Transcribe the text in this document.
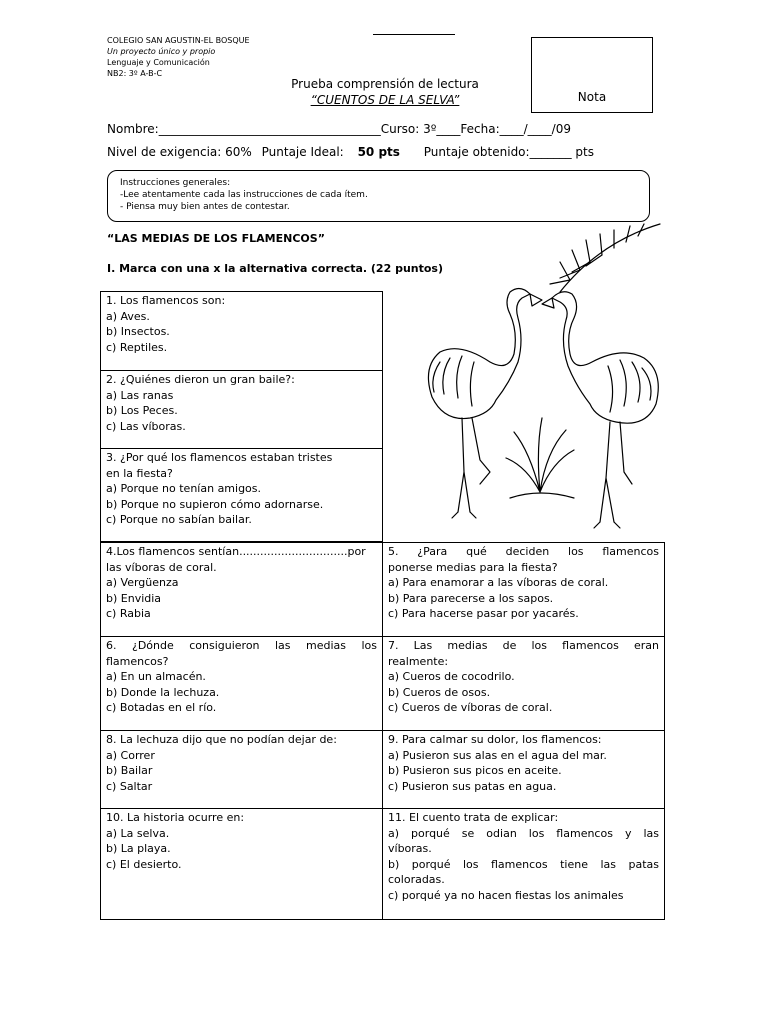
COLEGIO SAN AGUSTIN-EL BOSQUE
Un proyecto único y propio
Lenguaje y Comunicación
NB2: 3º A-B-C
Prueba comprensión de lectura
“CUENTOS DE LA SELVA”	Nota
Nombre:_____________________________________Curso: 3º____Fecha:____/____/09
Nivel de exigencia: 60% Puntaje Ideal: 50 pts Puntaje obtenido:_______ pts
Instrucciones generales:
-Lee atentamente cada las instrucciones de cada ítem.
- Piensa muy bien antes de contestar.
“LAS MEDIAS DE LOS FLAMENCOS”
I. Marca con una x la alternativa correcta. (22 puntos)
1. Los flamencos son:
a) Aves.
b) Insectos.
c) Reptiles.
2. ¿Quiénes dieron un gran baile?:
a) Las ranas
b) Los Peces.
c) Las víboras.
3. ¿Por qué los flamencos estaban tristes
en la fiesta?
a) Porque no tenían amigos.
b) Porque no supieron cómo adornarse.
c) Porque no sabían bailar.
4.Los flamencos sentían...............................por
las víboras de coral.
a) Vergüenza
b) Envidia
c) Rabia
5. ¿Para qué deciden los flamencos
ponerse medias para la fiesta?
a) Para enamorar a las víboras de coral.
b) Para parecerse a los sapos.
c) Para hacerse pasar por yacarés.
6. ¿Dónde consiguieron las medias los
flamencos?
a) En un almacén.
b) Donde la lechuza.
c) Botadas en el río.
7. Las medias de los flamencos eran
realmente:
a) Cueros de cocodrilo.
b) Cueros de osos.
c) Cueros de víboras de coral.
8. La lechuza dijo que no podían dejar de:
a) Correr
b) Bailar
c) Saltar
9. Para calmar su dolor, los flamencos:
a) Pusieron sus alas en el agua del mar.
b) Pusieron sus picos en aceite.
c) Pusieron sus patas en agua.
10. La historia ocurre en:
a) La selva.
b) La playa.
c) El desierto.
11. El cuento trata de explicar:
a) porqué se odian los flamencos y las
víboras.
b) porqué los flamencos tiene las patas
coloradas.
c) porqué ya no hacen fiestas los animales
